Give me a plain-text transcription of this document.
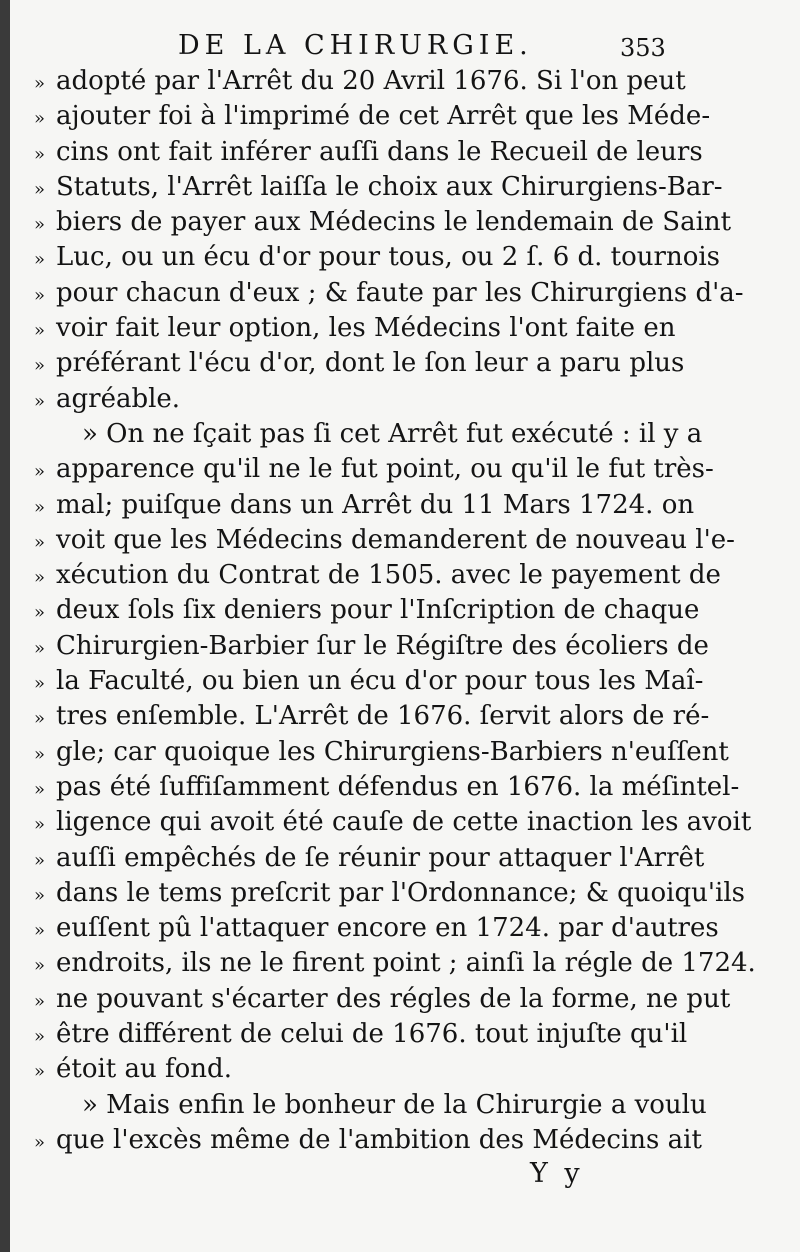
DE LA CHIRURGIE.	353
» adopté par l'Arrêt du 20 Avril 1676. Si l'on peut
» ajouter foi à l'imprimé de cet Arrêt que les Méde-
» cins ont fait inférer auſſi dans le Recueil de leurs
» Statuts, l'Arrêt laiſſa le choix aux Chirurgiens-Bar-
» biers de payer aux Médecins le lendemain de Saint
» Luc, ou un écu d'or pour tous, ou 2 ſ. 6 d. tournois
» pour chacun d'eux ; & faute par les Chirurgiens d'a-
» voir fait leur option, les Médecins l'ont faite en
» préférant l'écu d'or, dont le ſon leur a paru plus
» agréable.
» On ne ſçait pas ſi cet Arrêt fut exécuté : il y a
» apparence qu'il ne le fut point, ou qu'il le fut très-
» mal; puiſque dans un Arrêt du 11 Mars 1724. on
» voit que les Médecins demanderent de nouveau l'e-
» xécution du Contrat de 1505. avec le payement de
» deux ſols ſix deniers pour l'Inſcription de chaque
» Chirurgien-Barbier ſur le Régiſtre des écoliers de
» la Faculté, ou bien un écu d'or pour tous les Maî-
» tres enſemble. L'Arrêt de 1676. ſervit alors de ré-
» gle; car quoique les Chirurgiens-Barbiers n'euſſent
» pas été ſuffiſamment défendus en 1676. la méſintel-
» ligence qui avoit été cauſe de cette inaction les avoit
» auſſi empêchés de ſe réunir pour attaquer l'Arrêt
» dans le tems preſcrit par l'Ordonnance; & quoiqu'ils
» euſſent pû l'attaquer encore en 1724. par d'autres
» endroits, ils ne le firent point ; ainſi la régle de 1724.
» ne pouvant s'écarter des régles de la forme, ne put
» être différent de celui de 1676. tout injuſte qu'il
» étoit au fond.
» Mais enfin le bonheur de la Chirurgie a voulu
» que l'excès même de l'ambition des Médecins ait
Y y
